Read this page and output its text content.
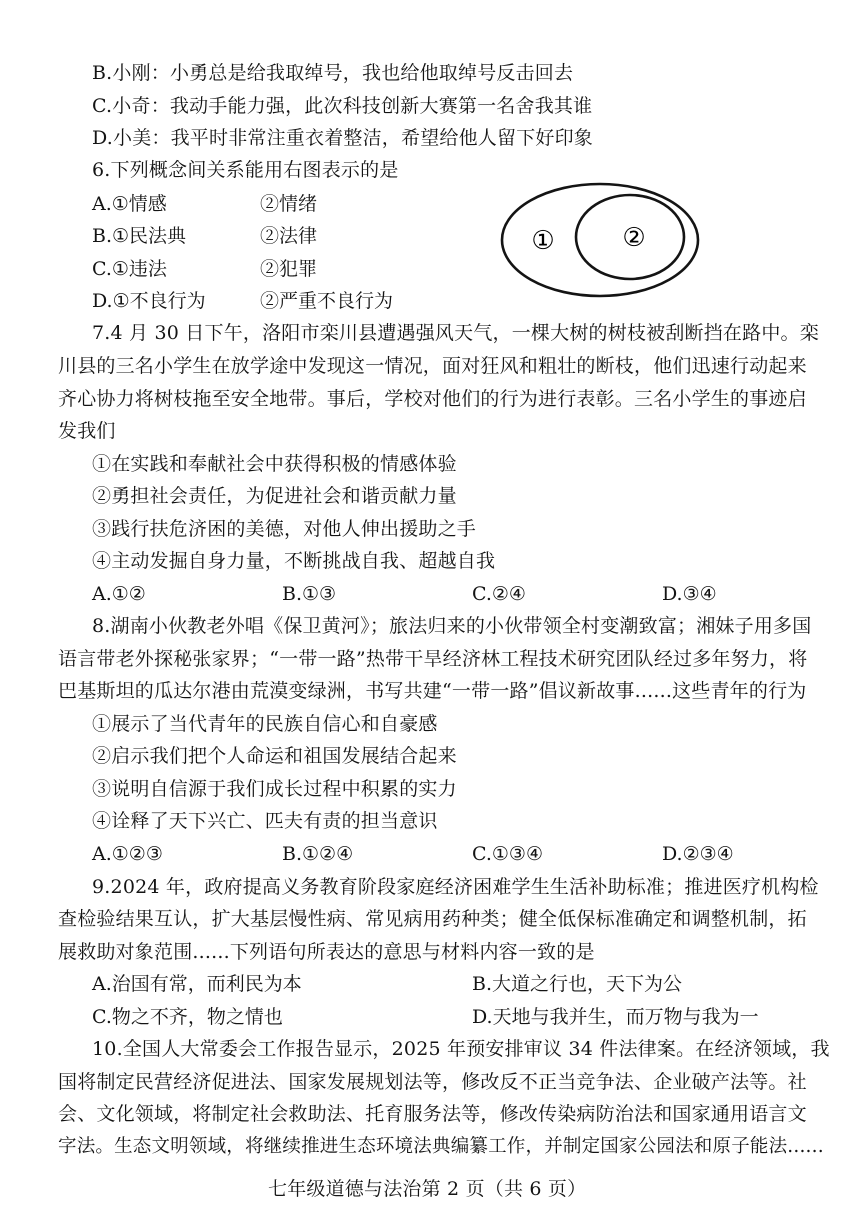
B.小刚：小勇总是给我取绰号，我也给他取绰号反击回去
C.小奇：我动手能力强，此次科技创新大赛第一名舍我其谁
D.小美：我平时非常注重衣着整洁，希望给他人留下好印象
6.下列概念间关系能用右图表示的是
A.①情感	②情绪
B.①民法典	②法律
C.①违法	②犯罪
D.①不良行为	②严重不良行为
①	②
7.4 月 30 日下午，洛阳市栾川县遭遇强风天气，一棵大树的树枝被刮断挡在路中。栾
川县的三名小学生在放学途中发现这一情况，面对狂风和粗壮的断枝，他们迅速行动起来
齐心协力将树枝拖至安全地带。事后，学校对他们的行为进行表彰。三名小学生的事迹启
发我们
①在实践和奉献社会中获得积极的情感体验
②勇担社会责任，为促进社会和谐贡献力量
③践行扶危济困的美德，对他人伸出援助之手
④主动发掘自身力量，不断挑战自我、超越自我
A.①②	B.①③	C.②④	D.③④
8.湖南小伙教老外唱《保卫黄河》；旅法归来的小伙带领全村变潮致富；湘妹子用多国
语言带老外探秘张家界；“一带一路”热带干旱经济林工程技术研究团队经过多年努力，将
巴基斯坦的瓜达尔港由荒漠变绿洲，书写共建“一带一路”倡议新故事......这些青年的行为
①展示了当代青年的民族自信心和自豪感
②启示我们把个人命运和祖国发展结合起来
③说明自信源于我们成长过程中积累的实力
④诠释了天下兴亡、匹夫有责的担当意识
A.①②③	B.①②④	C.①③④	D.②③④
9.2024 年，政府提高义务教育阶段家庭经济困难学生生活补助标准；推进医疗机构检
查检验结果互认，扩大基层慢性病、常见病用药种类；健全低保标准确定和调整机制，拓
展救助对象范围......下列语句所表达的意思与材料内容一致的是
A.治国有常，而利民为本	B.大道之行也，天下为公
C.物之不齐，物之情也	D.天地与我并生，而万物与我为一
10.全国人大常委会工作报告显示，2025 年预安排审议 34 件法律案。在经济领域，我
国将制定民营经济促进法、国家发展规划法等，修改反不正当竞争法、企业破产法等。社
会、文化领域，将制定社会救助法、托育服务法等，修改传染病防治法和国家通用语言文
字法。生态文明领域，将继续推进生态环境法典编纂工作，并制定国家公园法和原子能法......
七年级道德与法治第 2 页（共 6 页）
